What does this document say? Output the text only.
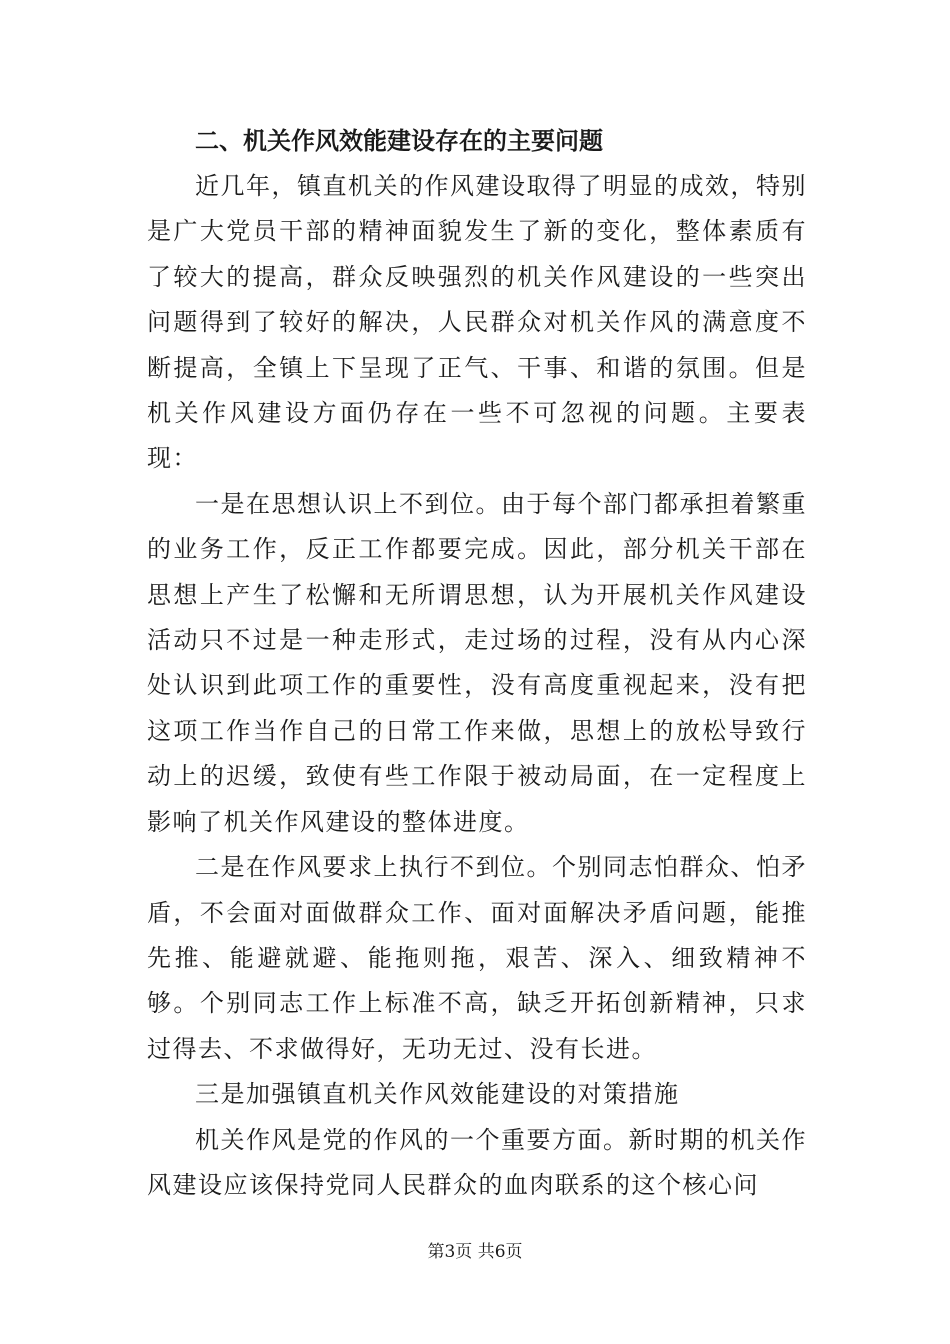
二、机关作风效能建设存在的主要问题

近几年，镇直机关的作风建设取得了明显的成效，特别是广大党员干部的精神面貌发生了新的变化，整体素质有了较大的提高，群众反映强烈的机关作风建设的一些突出问题得到了较好的解决，人民群众对机关作风的满意度不断提高，全镇上下呈现了正气、干事、和谐的氛围。但是机关作风建设方面仍存在一些不可忽视的问题。主要表现：

一是在思想认识上不到位。由于每个部门都承担着繁重的业务工作，反正工作都要完成。因此，部分机关干部在思想上产生了松懈和无所谓思想，认为开展机关作风建设活动只不过是一种走形式，走过场的过程，没有从内心深处认识到此项工作的重要性，没有高度重视起来，没有把这项工作当作自己的日常工作来做，思想上的放松导致行动上的迟缓，致使有些工作限于被动局面，在一定程度上影响了机关作风建设的整体进度。

二是在作风要求上执行不到位。个别同志怕群众、怕矛盾，不会面对面做群众工作、面对面解决矛盾问题，能推先推、能避就避、能拖则拖，艰苦、深入、细致精神不够。个别同志工作上标准不高，缺乏开拓创新精神，只求过得去、不求做得好，无功无过、没有长进。

三是加强镇直机关作风效能建设的对策措施

机关作风是党的作风的一个重要方面。新时期的机关作风建设应该保持党同人民群众的血肉联系的这个核心问

第3页 共6页
